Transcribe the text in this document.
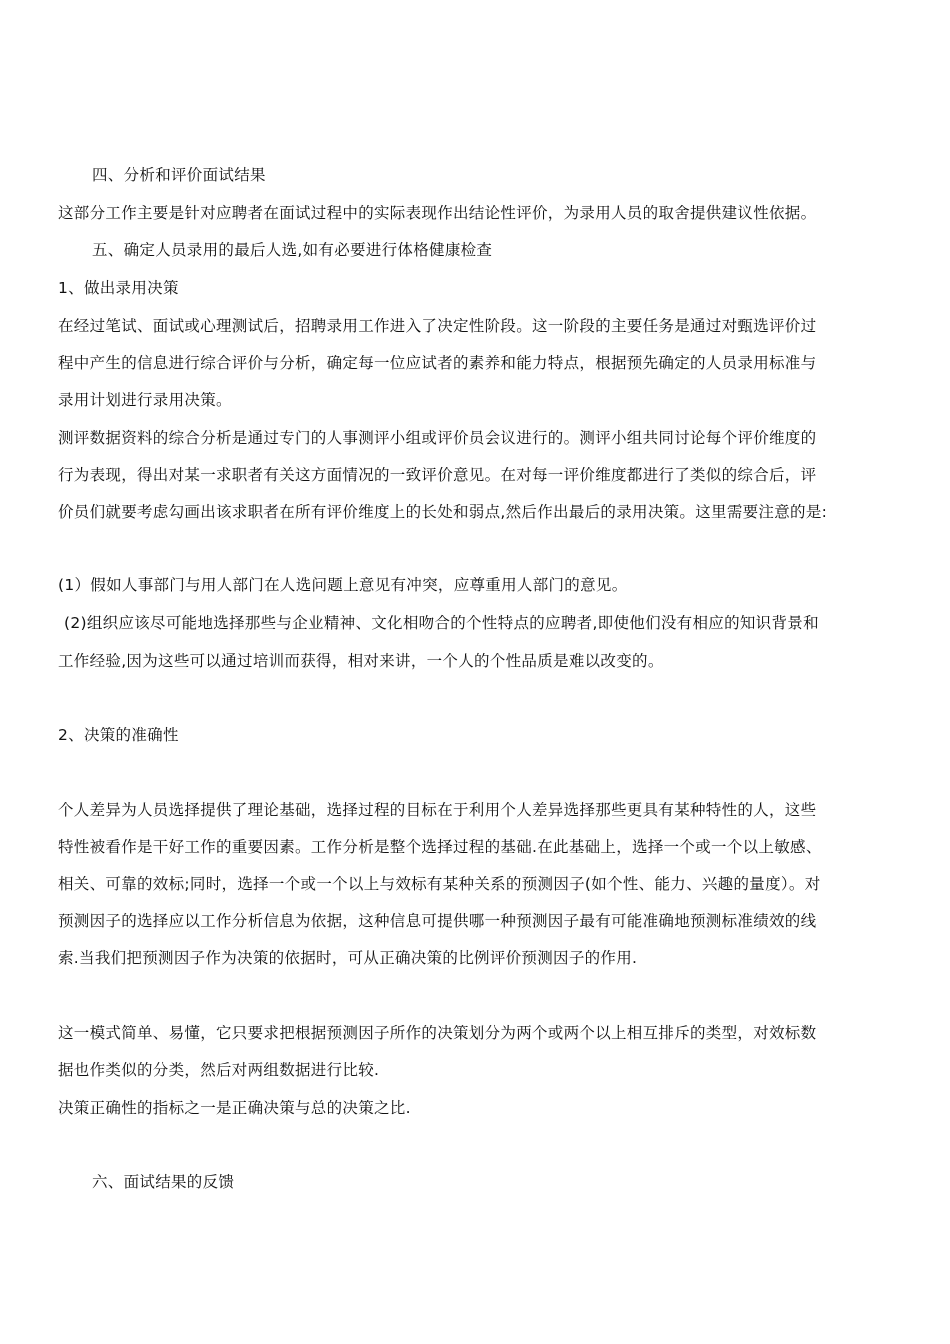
四、分析和评价面试结果
这部分工作主要是针对应聘者在面试过程中的实际表现作出结论性评价，为录用人员的取舍提供建议性依据。
五、确定人员录用的最后人选,如有必要进行体格健康检查
1、做出录用决策
在经过笔试、面试或心理测试后，招聘录用工作进入了决定性阶段。这一阶段的主要任务是通过对甄选评价过
程中产生的信息进行综合评价与分析，确定每一位应试者的素养和能力特点，根据预先确定的人员录用标准与
录用计划进行录用决策。
测评数据资料的综合分析是通过专门的人事测评小组或评价员会议进行的。测评小组共同讨论每个评价维度的
行为表现，得出对某一求职者有关这方面情况的一致评价意见。在对每一评价维度都进行了类似的综合后，评
价员们就要考虑勾画出该求职者在所有评价维度上的长处和弱点,然后作出最后的录用决策。这里需要注意的是:
(1）假如人事部门与用人部门在人选问题上意见有冲突，应尊重用人部门的意见。
(2)组织应该尽可能地选择那些与企业精神、文化相吻合的个性特点的应聘者,即使他们没有相应的知识背景和
工作经验,因为这些可以通过培训而获得，相对来讲，一个人的个性品质是难以改变的。
2、决策的准确性
个人差异为人员选择提供了理论基础，选择过程的目标在于利用个人差异选择那些更具有某种特性的人，这些
特性被看作是干好工作的重要因素。工作分析是整个选择过程的基础.在此基础上，选择一个或一个以上敏感、
相关、可靠的效标;同时，选择一个或一个以上与效标有某种关系的预测因子(如个性、能力、兴趣的量度）。对
预测因子的选择应以工作分析信息为依据，这种信息可提供哪一种预测因子最有可能准确地预测标准绩效的线
索.当我们把预测因子作为决策的依据时，可从正确决策的比例评价预测因子的作用.
这一模式简单、易懂，它只要求把根据预测因子所作的决策划分为两个或两个以上相互排斥的类型，对效标数
据也作类似的分类，然后对两组数据进行比较.
决策正确性的指标之一是正确决策与总的决策之比.
六、面试结果的反馈
